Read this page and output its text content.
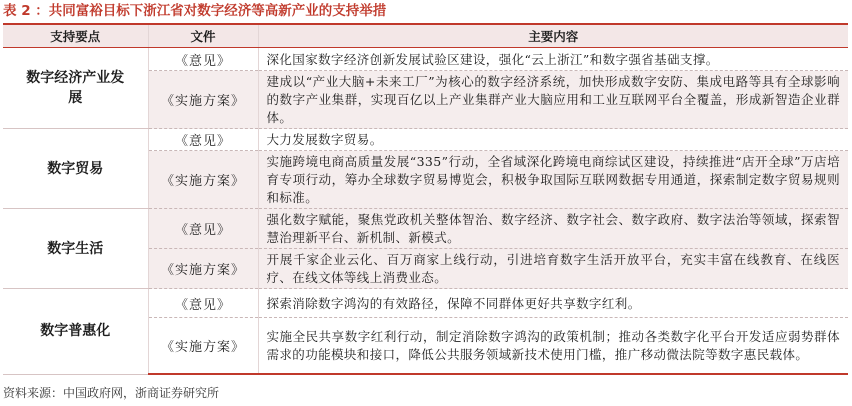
表 2 ：共同富裕目标下浙江省对数字经济等高新产业的支持举措
支持要点	文件	主要内容
数字经济产业发展	《意见》	深化国家数字经济创新发展试验区建设，强化“云上浙江”和数字强省基础支撑。
	《实施方案》	建成以“产业大脑+未来工厂”为核心的数字经济系统，加快形成数字安防、集成电路等具有全球影响的数字产业集群，实现百亿以上产业集群产业大脑应用和工业互联网平台全覆盖，形成新智造企业群体。
数字贸易	《意见》	大力发展数字贸易。
	《实施方案》	实施跨境电商高质量发展“335”行动，全省域深化跨境电商综试区建设，持续推进“店开全球”万店培育专项行动，筹办全球数字贸易博览会，积极争取国际互联网数据专用通道，探索制定数字贸易规则和标准。
数字生活	《意见》	强化数字赋能，聚焦党政机关整体智治、数字经济、数字社会、数字政府、数字法治等领域，探索智慧治理新平台、新机制、新模式。
	《实施方案》	开展千家企业云化、百万商家上线行动，引进培育数字生活开放平台，充实丰富在线教育、在线医疗、在线文体等线上消费业态。
数字普惠化	《意见》	探索消除数字鸿沟的有效路径，保障不同群体更好共享数字红利。
	《实施方案》	实施全民共享数字红利行动，制定消除数字鸿沟的政策机制；推动各类数字化平台开发适应弱势群体需求的功能模块和接口，降低公共服务领域新技术使用门槛，推广移动微法院等数字惠民载体。
资料来源：中国政府网，浙商证券研究所
